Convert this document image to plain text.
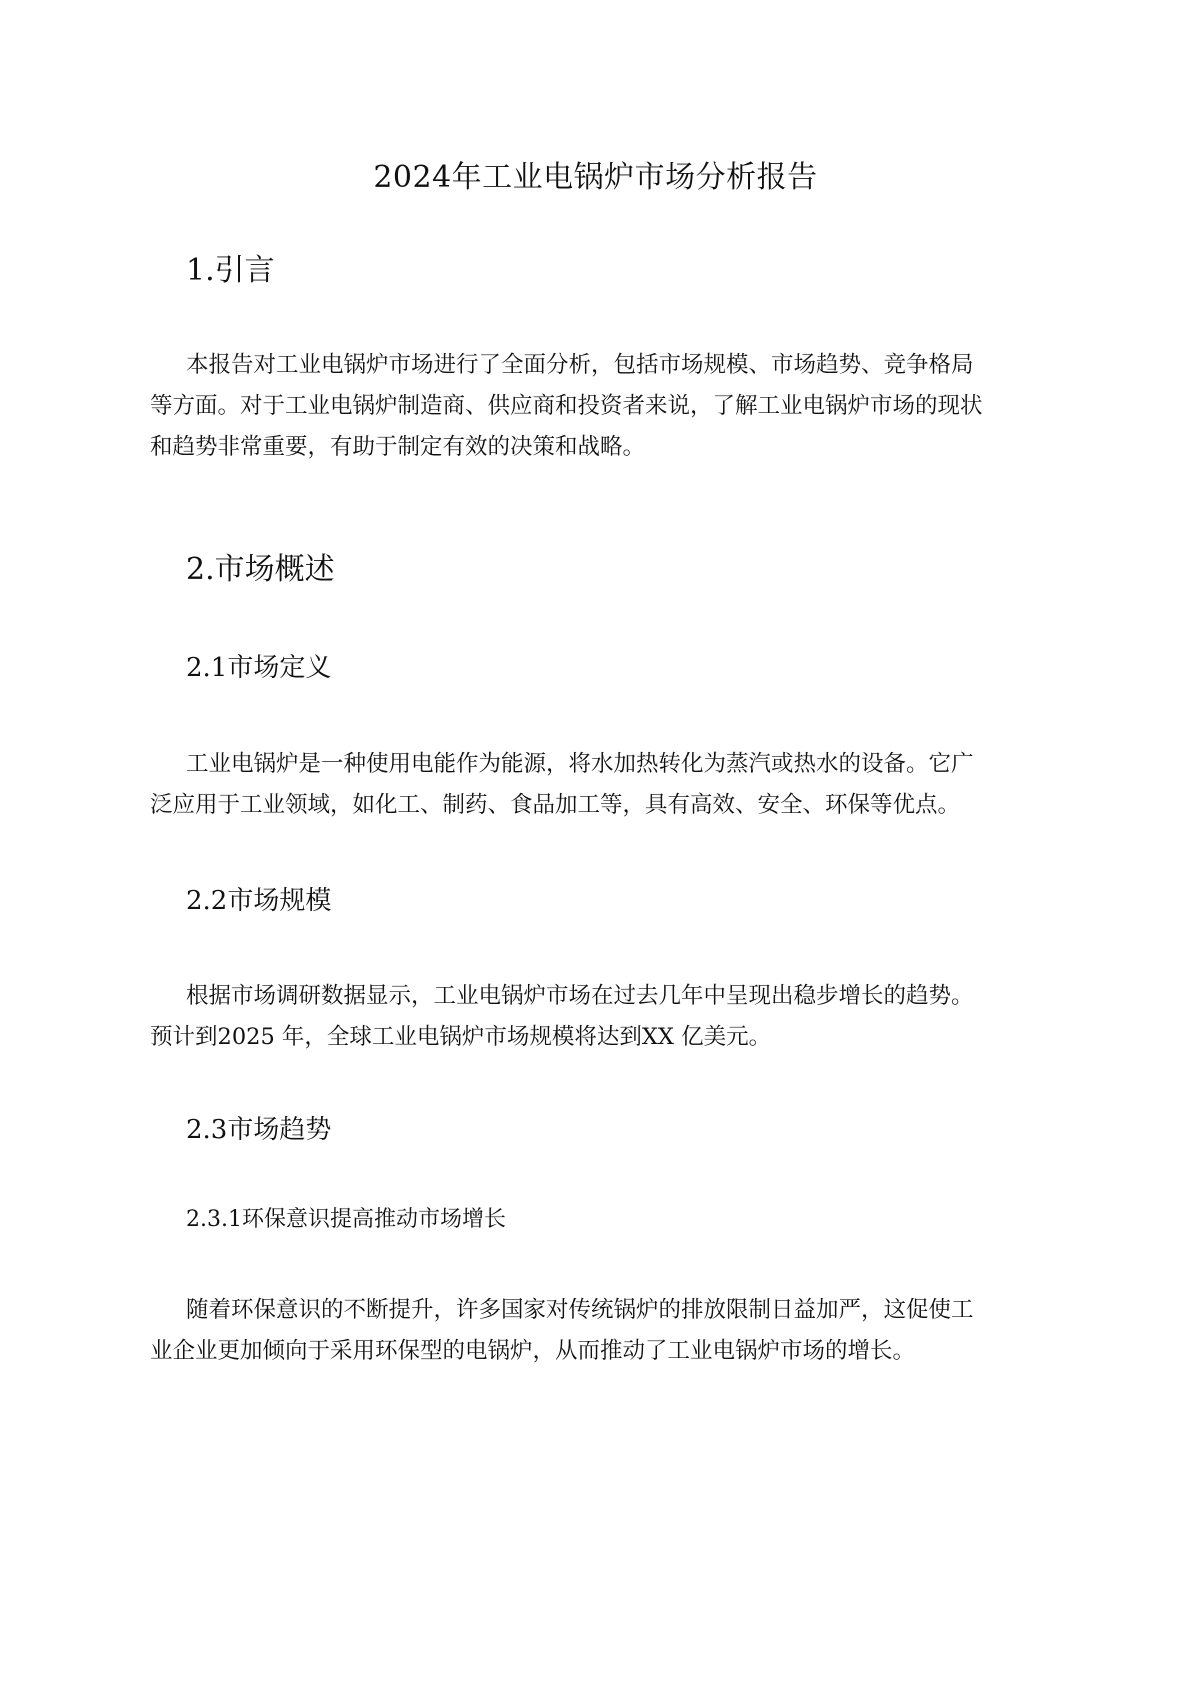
2024年工业电锅炉市场分析报告
1.引言
本报告对工业电锅炉市场进行了全面分析，包括市场规模、市场趋势、竞争格局
等方面。对于工业电锅炉制造商、供应商和投资者来说，了解工业电锅炉市场的现状
和趋势非常重要，有助于制定有效的决策和战略。
2.市场概述
2.1市场定义
工业电锅炉是一种使用电能作为能源，将水加热转化为蒸汽或热水的设备。它广
泛应用于工业领域，如化工、制药、食品加工等，具有高效、安全、环保等优点。
2.2市场规模
根据市场调研数据显示，工业电锅炉市场在过去几年中呈现出稳步增长的趋势。
预计到2025 年，全球工业电锅炉市场规模将达到XX 亿美元。
2.3市场趋势
2.3.1环保意识提高推动市场增长
随着环保意识的不断提升，许多国家对传统锅炉的排放限制日益加严，这促使工
业企业更加倾向于采用环保型的电锅炉，从而推动了工业电锅炉市场的增长。
